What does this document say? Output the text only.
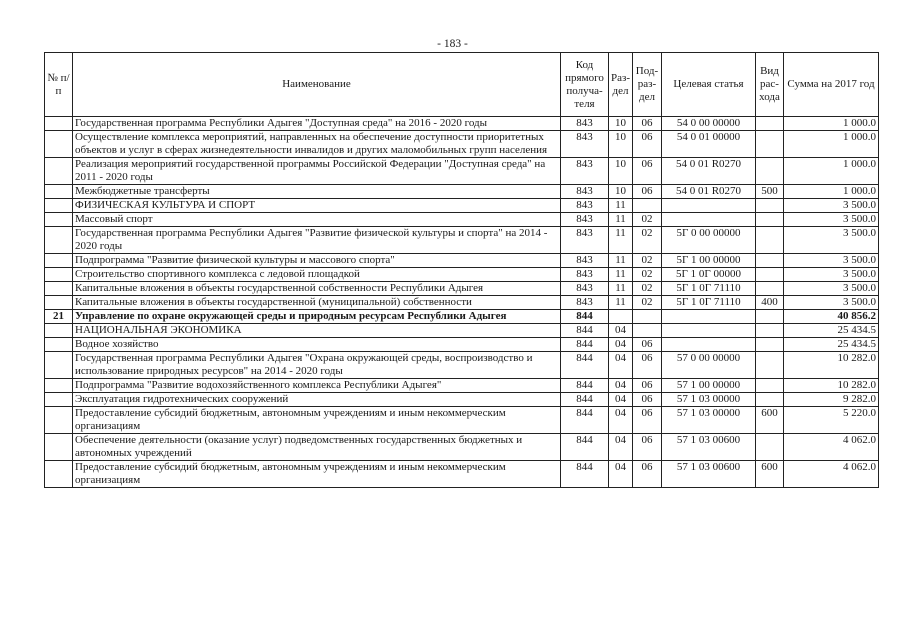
- 183 -
№ п/п	Наименование	Код прямого получа- теля	Раз- дел	Под- раз- дел	Целевая статья	Вид рас- хода	Сумма на 2017 год
	Государственная программа Республики Адыгея "Доступная среда" на 2016 - 2020 годы	843	10	06	54 0 00 00000		1 000.0
	Осуществление комплекса мероприятий, направленных на обеспечение доступности приоритетных объектов и услуг в сферах жизнедеятельности инвалидов и других маломобильных групп населения	843	10	06	54 0 01 00000		1 000.0
	Реализация мероприятий государственной программы Российской Федерации "Доступная среда" на 2011 - 2020 годы	843	10	06	54 0 01 R0270		1 000.0
	Межбюджетные трансферты	843	10	06	54 0 01 R0270	500	1 000.0
	ФИЗИЧЕСКАЯ КУЛЬТУРА И СПОРТ	843	11				3 500.0
	Массовый спорт	843	11	02			3 500.0
	Государственная программа Республики Адыгея "Развитие физической культуры и спорта" на 2014 - 2020 годы	843	11	02	5Г 0 00 00000		3 500.0
	Подпрограмма "Развитие физической культуры и массового спорта"	843	11	02	5Г 1 00 00000		3 500.0
	Строительство спортивного комплекса с ледовой площадкой	843	11	02	5Г 1 0Г 00000		3 500.0
	Капитальные вложения в объекты государственной собственности Республики Адыгея	843	11	02	5Г 1 0Г 71110		3 500.0
	Капитальные вложения в объекты государственной (муниципальной) собственности	843	11	02	5Г 1 0Г 71110	400	3 500.0
21	Управление по охране окружающей среды и природным ресурсам Республики Адыгея	844					40 856.2
	НАЦИОНАЛЬНАЯ ЭКОНОМИКА	844	04				25 434.5
	Водное хозяйство	844	04	06			25 434.5
	Государственная программа Республики Адыгея "Охрана окружающей среды, воспроизводство и использование природных ресурсов" на 2014 - 2020 годы	844	04	06	57 0 00 00000		10 282.0
	Подпрограмма "Развитие водохозяйственного комплекса Республики Адыгея"	844	04	06	57 1 00 00000		10 282.0
	Эксплуатация гидротехнических сооружений	844	04	06	57 1 03 00000		9 282.0
	Предоставление субсидий бюджетным, автономным учреждениям и иным некоммерческим организациям	844	04	06	57 1 03 00000	600	5 220.0
	Обеспечение деятельности (оказание услуг) подведомственных государственных бюджетных и автономных учреждений	844	04	06	57 1 03 00600		4 062.0
	Предоставление субсидий бюджетным, автономным учреждениям и иным некоммерческим организациям	844	04	06	57 1 03 00600	600	4 062.0
